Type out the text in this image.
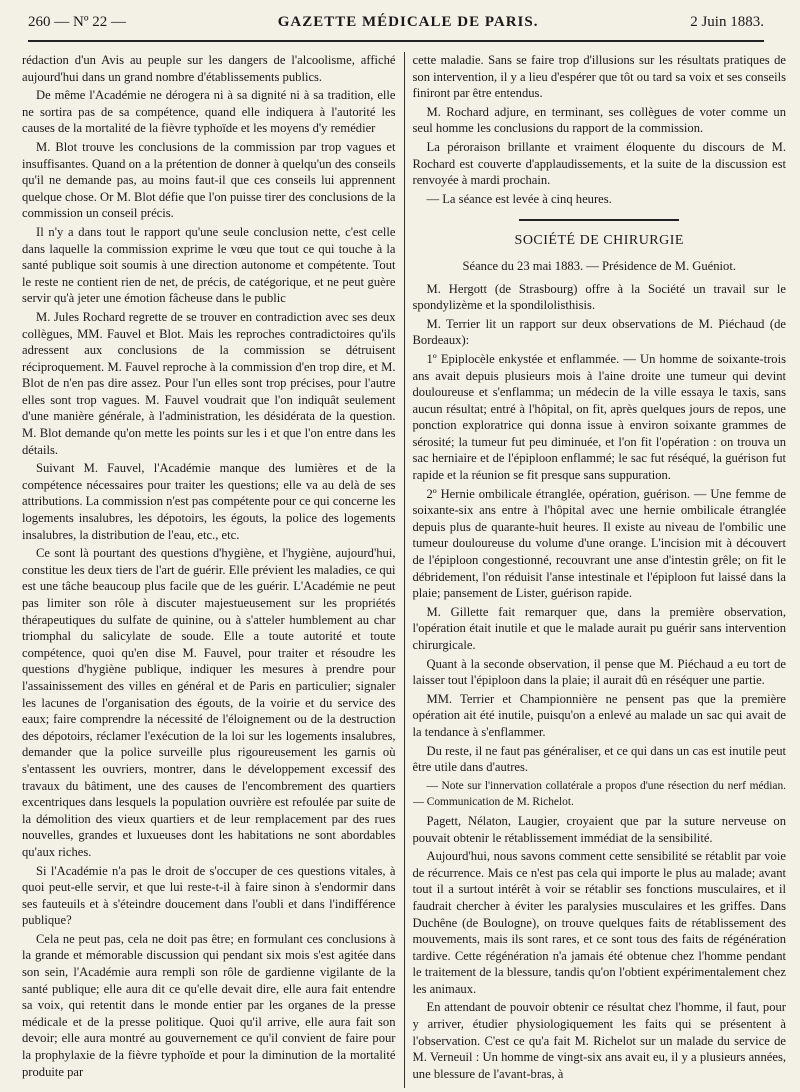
260 — Nº 22 —	GAZETTE MÉDICALE DE PARIS.	2 Juin 1883.

rédaction d'un Avis au peuple sur les dangers de l'alcoolisme, affiché aujourd'hui dans un grand nombre d'établissements publics.

De même l'Académie ne dérogera ni à sa dignité ni à sa tradition, elle ne sortira pas de sa compétence, quand elle indiquera à l'autorité les causes de la mortalité de la fièvre typhoïde et les moyens d'y remédier

M. Blot trouve les conclusions de la commission par trop vagues et insuffisantes. Quand on a la prétention de donner à quelqu'un des conseils qu'il ne demande pas, au moins faut-il que ces conseils lui apprennent quelque chose. Or M. Blot défie que l'on puisse tirer des conclusions de la commission un conseil précis.

Il n'y a dans tout le rapport qu'une seule conclusion nette, c'est celle dans laquelle la commission exprime le vœu que tout ce qui touche à la santé publique soit soumis à une direction autonome et compétente. Tout le reste ne contient rien de net, de précis, de catégorique, et ne peut guère servir qu'à jeter une émotion fâcheuse dans le public

M. Jules Rochard regrette de se trouver en contradiction avec ses deux collègues, MM. Fauvel et Blot. Mais les reproches contradictoires qu'ils adressent aux conclusions de la commission se détruisent réciproquement. M. Fauvel reproche à la commission d'en trop dire, et M. Blot de n'en pas dire assez. Pour l'un elles sont trop précises, pour l'autre elles sont trop vagues. M. Fauvel voudrait que l'on indiquât seulement d'une manière générale, à l'administration, les désidérata de la question. M. Blot demande qu'on mette les points sur les i et que l'on entre dans les détails.

Suivant M. Fauvel, l'Académie manque des lumières et de la compétence nécessaires pour traiter les questions; elle va au delà de ses attributions. La commission n'est pas compétente pour ce qui concerne les logements insalubres, les dépotoirs, les égouts, la police des logements insalubres, la distribution de l'eau, etc., etc.

Ce sont là pourtant des questions d'hygiène, et l'hygiène, aujourd'hui, constitue les deux tiers de l'art de guérir. Elle prévient les maladies, ce qui est une tâche beaucoup plus facile que de les guérir. L'Académie ne peut pas limiter son rôle à discuter majestueusement sur les propriétés thérapeutiques du sulfate de quinine, ou à s'atteler humblement au char triomphal du salicylate de soude. Elle a toute autorité et toute compétence, quoi qu'en dise M. Fauvel, pour traiter et résoudre les questions d'hygiène publique, indiquer les mesures à prendre pour l'assainissement des villes en général et de Paris en particulier; signaler les lacunes de l'organisation des égouts, de la voirie et du service des eaux; faire comprendre la nécessité de l'éloignement ou de la destruction des dépotoirs, réclamer l'exécution de la loi sur les logements insalubres, demander que la police surveille plus rigoureusement les garnis où s'entassent les ouvriers, montrer, dans le développement excessif des travaux du bâtiment, une des causes de l'encombrement des quartiers excentriques dans lesquels la population ouvrière est refoulée par suite de la démolition des vieux quartiers et de leur remplacement par des rues nouvelles, grandes et luxueuses dont les habitations ne sont abordables qu'aux riches.

Si l'Académie n'a pas le droit de s'occuper de ces questions vitales, à quoi peut-elle servir, et que lui reste-t-il à faire sinon à s'endormir dans ses fauteuils et à s'éteindre doucement dans l'oubli et dans l'indifférence publique?

Cela ne peut pas, cela ne doit pas être; en formulant ces conclusions à la grande et mémorable discussion qui pendant six mois s'est agitée dans son sein, l'Académie aura rempli son rôle de gardienne vigilante de la santé publique; elle aura dit ce qu'elle devait dire, elle aura fait entendre sa voix, qui retentit dans le monde entier par les organes de la presse médicale et de la presse politique. Quoi qu'il arrive, elle aura fait son devoir; elle aura montré au gouvernement ce qu'il convient de faire pour la prophylaxie de la fièvre typhoïde et pour la diminution de la mortalité produite par

cette maladie. Sans se faire trop d'illusions sur les résultats pratiques de son intervention, il y a lieu d'espérer que tôt ou tard sa voix et ses conseils finiront par être entendus.

M. Rochard adjure, en terminant, ses collègues de voter comme un seul homme les conclusions du rapport de la commission.

La péroraison brillante et vraiment éloquente du discours de M. Rochard est couverte d'applaudissements, et la suite de la discussion est renvoyée à mardi prochain.

— La séance est levée à cinq heures.

SOCIÉTÉ DE CHIRURGIE
Séance du 23 mai 1883. — Présidence de M. Guéniot.

M. Hergott (de Strasbourg) offre à la Société un travail sur le spondylizème et la spondilolisthisis.

M. Terrier lit un rapport sur deux observations de M. Piéchaud (de Bordeaux):

1º Epiplocèle enkystée et enflammée. — Un homme de soixante-trois ans avait depuis plusieurs mois à l'aine droite une tumeur qui devint douloureuse et s'enflamma; un médecin de la ville essaya le taxis, sans aucun résultat; entré à l'hôpital, on fit, après quelques jours de repos, une ponction exploratrice qui donna issue à environ soixante grammes de sérosité; la tumeur fut peu diminuée, et l'on fit l'opération : on trouva un sac herniaire et de l'épiploon enflammé; le sac fut réséqué, la guérison fut rapide et la réunion se fit presque sans suppuration.

2º Hernie ombilicale étranglée, opération, guérison. — Une femme de soixante-six ans entre à l'hôpital avec une hernie ombilicale étranglée depuis plus de quarante-huit heures. Il existe au niveau de l'ombilic une tumeur douloureuse du volume d'une orange. L'incision mit à découvert de l'épiploon congestionné, recouvrant une anse d'intestin grêle; on fit le débridement, l'on réduisit l'anse intestinale et l'épiploon fut laissé dans la plaie; pansement de Lister, guérison rapide.

M. Gillette fait remarquer que, dans la première observation, l'opération était inutile et que le malade aurait pu guérir sans intervention chirurgicale.

Quant à la seconde observation, il pense que M. Piéchaud a eu tort de laisser tout l'épiploon dans la plaie; il aurait dû en réséquer une partie.

MM. Terrier et Championnière ne pensent pas que la première opération ait été inutile, puisqu'on a enlevé au malade un sac qui avait de la tendance à s'enflammer.

Du reste, il ne faut pas généraliser, et ce qui dans un cas est inutile peut être utile dans d'autres.

— Note sur l'innervation collatérale a propos d'une résection du nerf médian. — Communication de M. Richelot.

Pagett, Nélaton, Laugier, croyaient que par la suture nerveuse on pouvait obtenir le rétablissement immédiat de la sensibilité.

Aujourd'hui, nous savons comment cette sensibilité se rétablit par voie de récurrence. Mais ce n'est pas cela qui importe le plus au malade; avant tout il a surtout intérêt à voir se rétablir ses fonctions musculaires, et il faudrait chercher à éviter les paralysies musculaires et les griffes. Dans Duchêne (de Boulogne), on trouve quelques faits de rétablissement des mouvements, mais ils sont rares, et ce sont tous des faits de régénération tardive. Cette régénération n'a jamais été obtenue chez l'homme pendant le traitement de la blessure, tandis qu'on l'obtient expérimentalement chez les animaux.

En attendant de pouvoir obtenir ce résultat chez l'homme, il faut, pour y arriver, étudier physiologiquement les faits qui se présentent à l'observation. C'est ce qu'a fait M. Richelot sur un malade du service de M. Verneuil : Un homme de vingt-six ans avait eu, il y a plusieurs années, une blessure de l'avant-bras, à
